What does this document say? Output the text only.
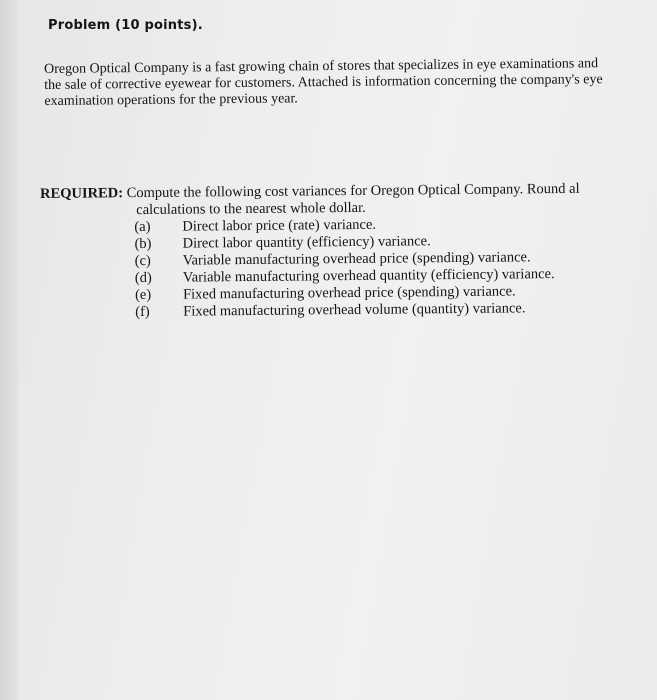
Problem (10 points).
Oregon Optical Company is a fast growing chain of stores that specializes in eye examinations and
the sale of corrective eyewear for customers. Attached is information concerning the company's eye
examination operations for the previous year.
REQUIRED: Compute the following cost variances for Oregon Optical Company. Round al
calculations to the nearest whole dollar.
(a)	Direct labor price (rate) variance.
(b)	Direct labor quantity (efficiency) variance.
(c)	Variable manufacturing overhead price (spending) variance.
(d)	Variable manufacturing overhead quantity (efficiency) variance.
(e)	Fixed manufacturing overhead price (spending) variance.
(f)	Fixed manufacturing overhead volume (quantity) variance.
